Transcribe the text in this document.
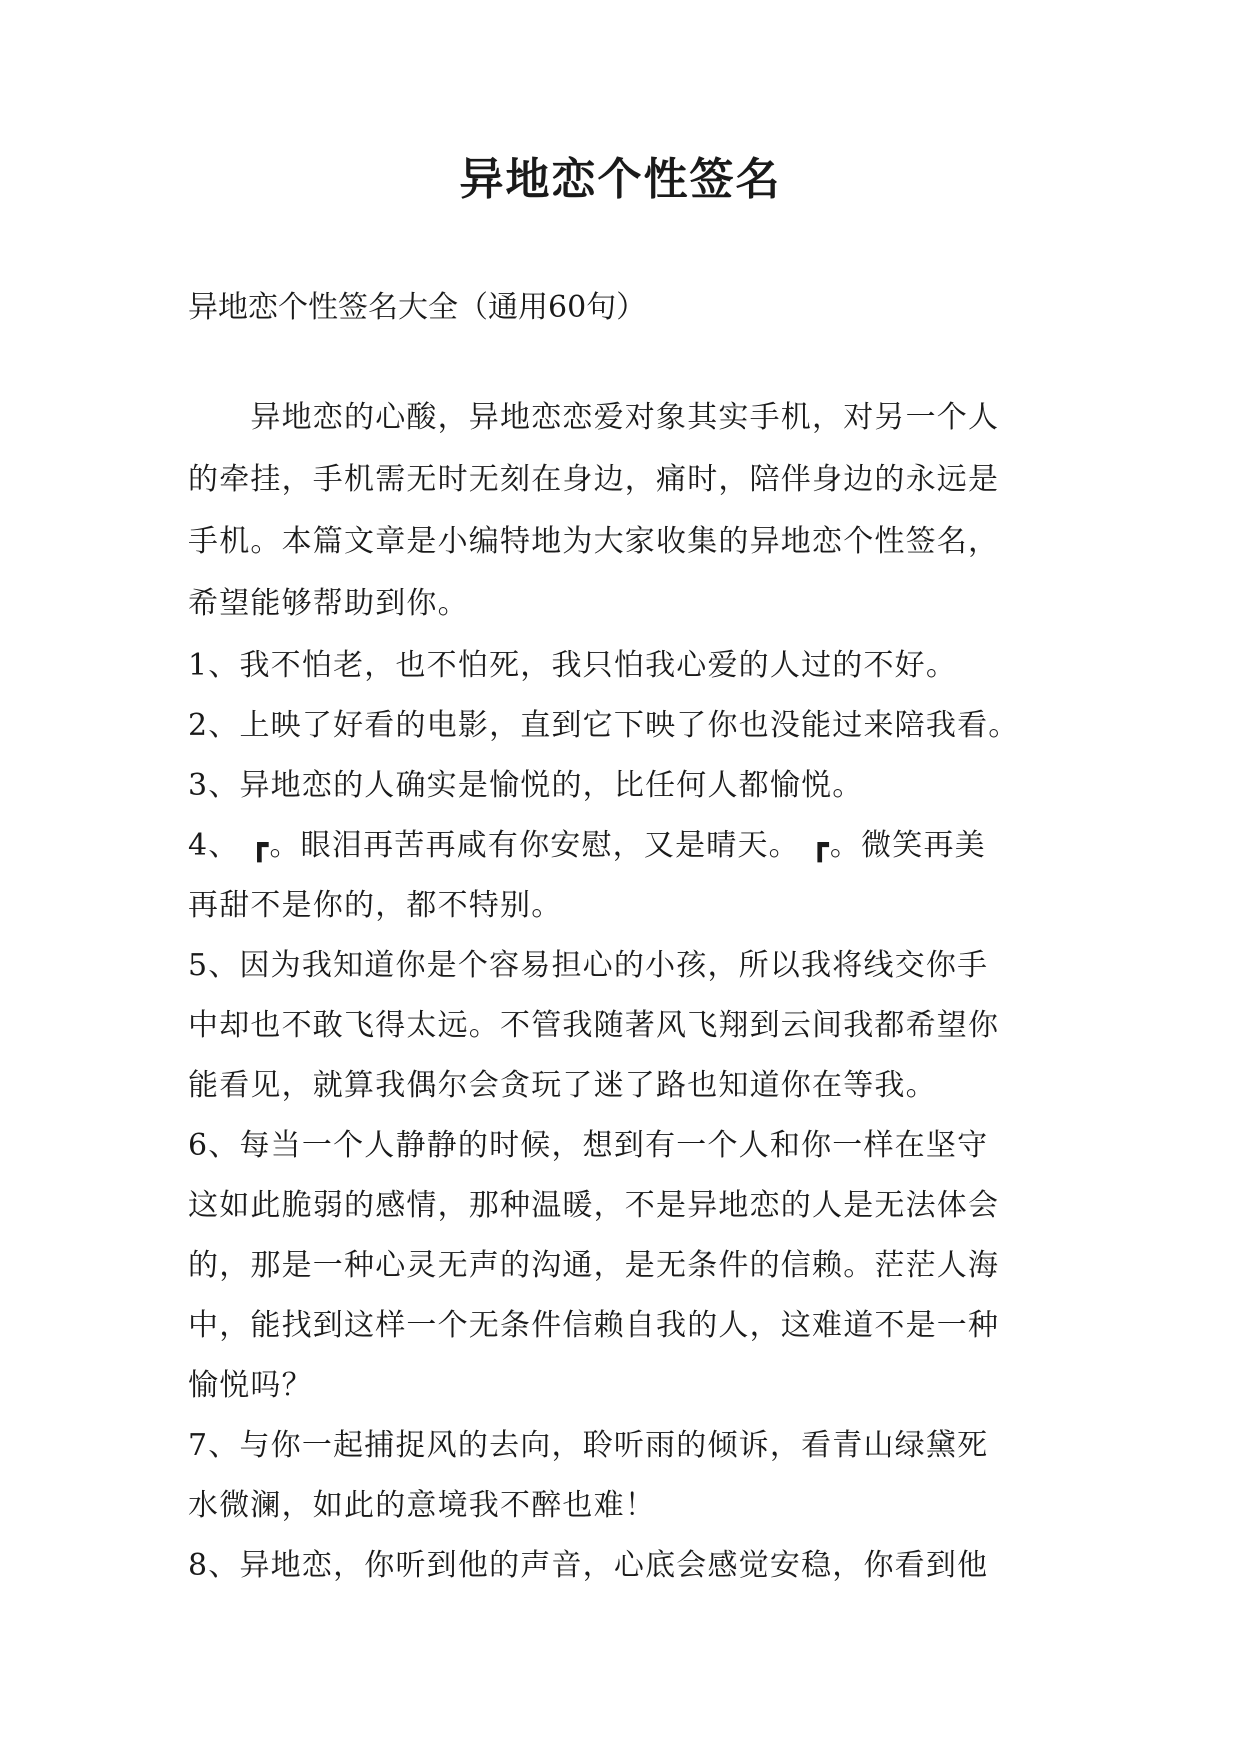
异地恋个性签名
异地恋个性签名大全（通用60句）
　　异地恋的心酸，异地恋恋爱对象其实手机，对另一个人
的牵挂，手机需无时无刻在身边，痛时，陪伴身边的永远是
手机。本篇文章是小编特地为大家收集的异地恋个性签名，
希望能够帮助到你。
1、我不怕老，也不怕死，我只怕我心爱的人过的不好。
2、上映了好看的电影，直到它下映了你也没能过来陪我看。
3、异地恋的人确实是愉悦的，比任何人都愉悦。
4、 ┏。眼泪再苦再咸有你安慰，又是晴天。 ┏。微笑再美
再甜不是你的，都不特别。
5、因为我知道你是个容易担心的小孩，所以我将线交你手
中却也不敢飞得太远。不管我随著风飞翔到云间我都希望你
能看见，就算我偶尔会贪玩了迷了路也知道你在等我。
6、每当一个人静静的时候，想到有一个人和你一样在坚守
这如此脆弱的感情，那种温暖，不是异地恋的人是无法体会
的，那是一种心灵无声的沟通，是无条件的信赖。茫茫人海
中，能找到这样一个无条件信赖自我的人，这难道不是一种
愉悦吗？
7、与你一起捕捉风的去向，聆听雨的倾诉，看青山绿黛死
水微澜，如此的意境我不醉也难！
8、异地恋，你听到他的声音，心底会感觉安稳，你看到他
